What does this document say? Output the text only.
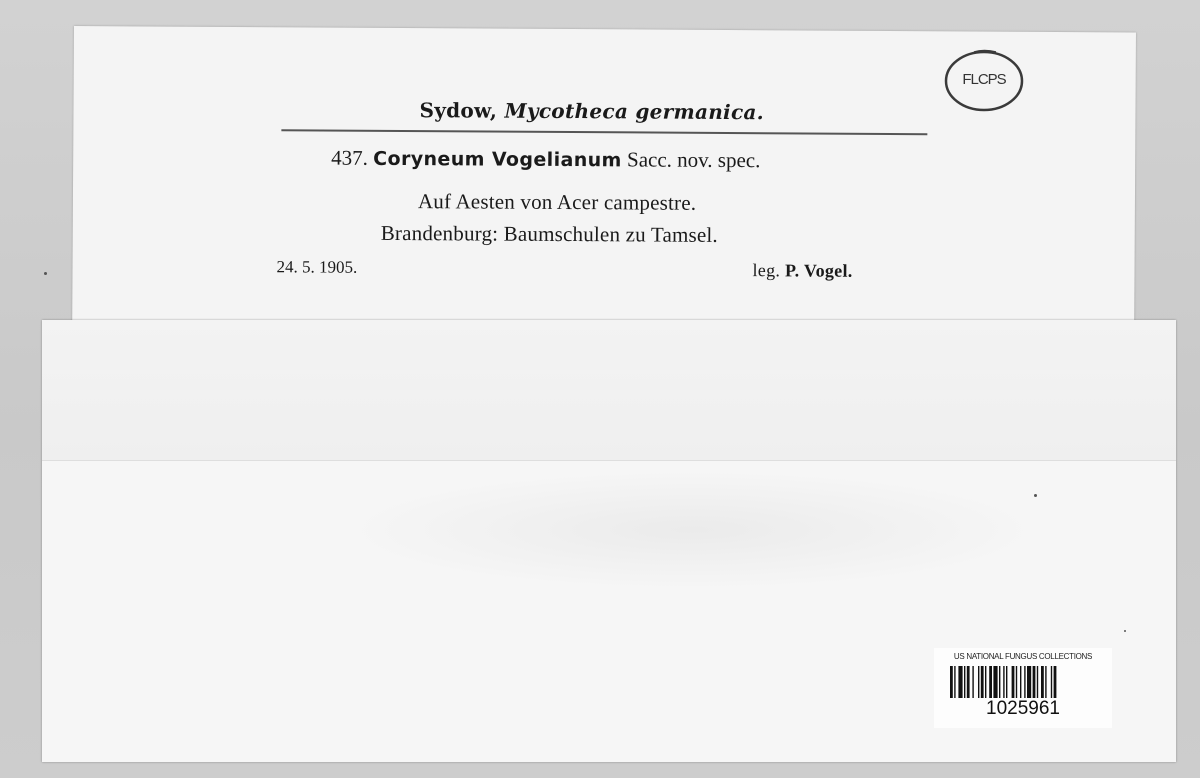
Sydow, Mycotheca germanica.
437. Coryneum Vogelianum Sacc. nov. spec.
Auf Aesten von Acer campestre.
Brandenburg: Baumschulen zu Tamsel.
24. 5. 1905.	leg. P. Vogel.
FLCPS
US NATIONAL FUNGUS COLLECTIONS
1025961
